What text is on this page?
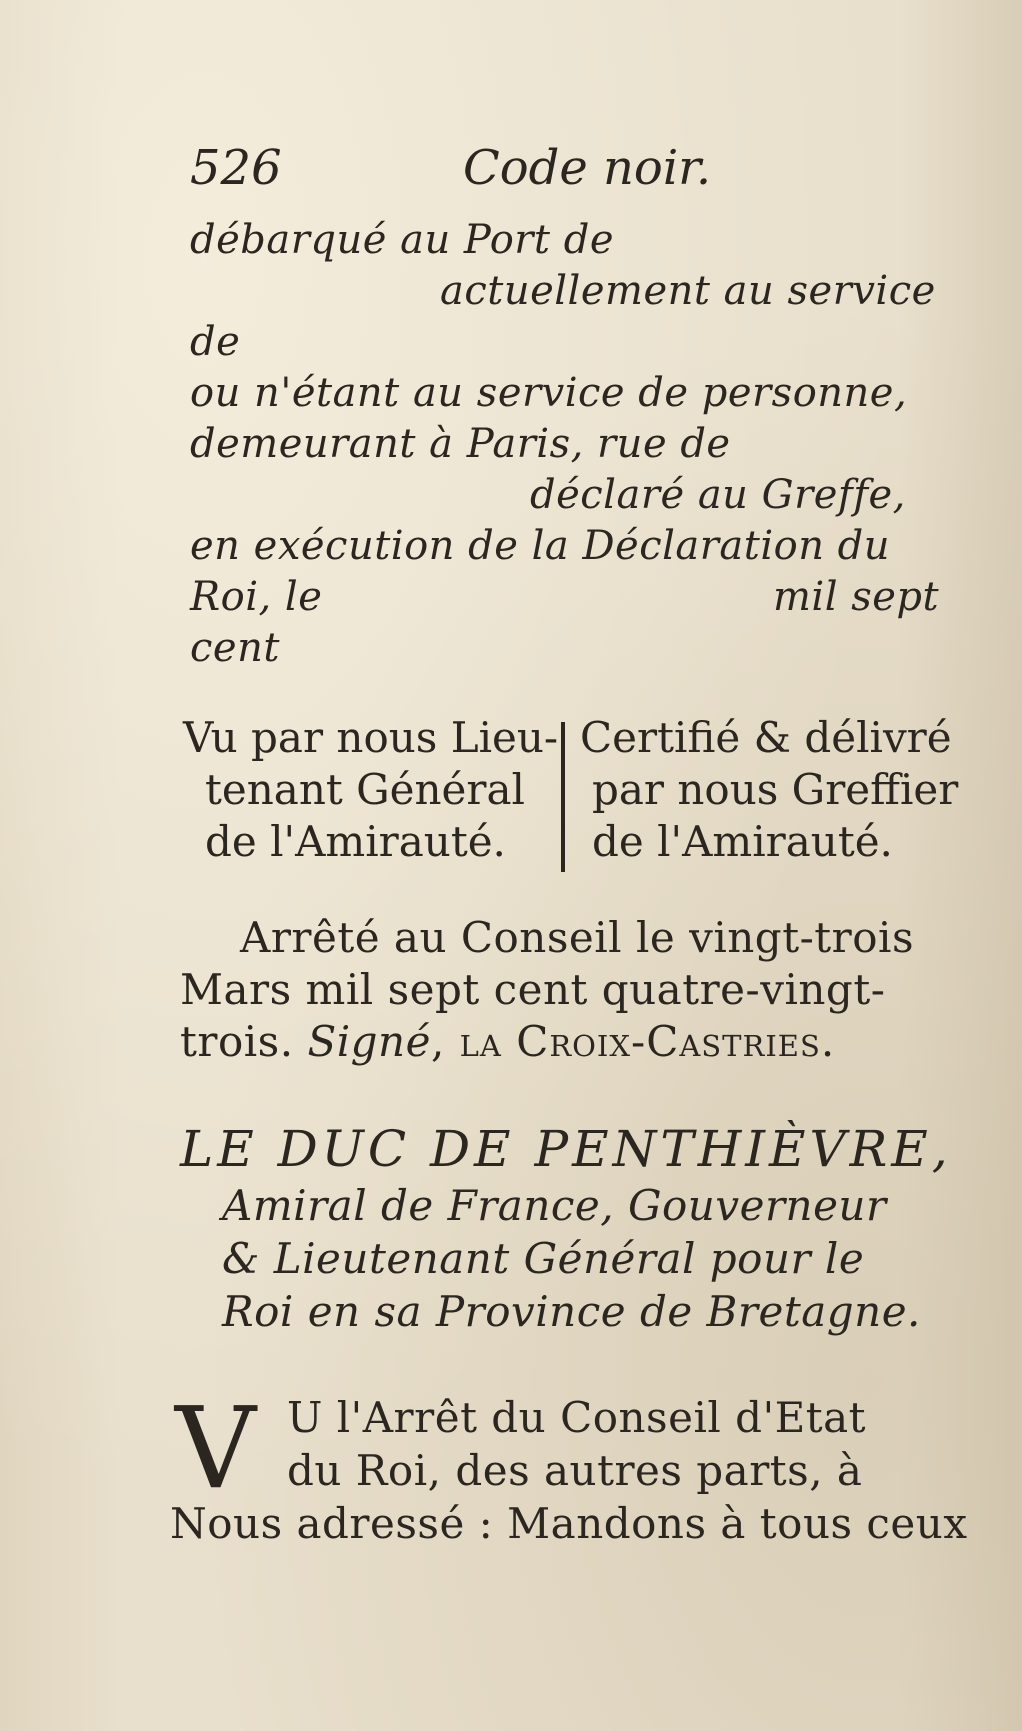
526	Code noir.
débarqué au Port de
actuellement au service
de
ou n'étant au service de personne,
demeurant à Paris, rue de
déclaré au Greffe,
en exécution de la Déclaration du
Roi, le	mil sept
cent
Vu par nous Lieu-
tenant Général
de l'Amirauté.
Certifié & délivré
par nous Greffier
de l'Amirauté.
Arrêté au Conseil le vingt-trois
Mars mil sept cent quatre-vingt-
trois. Signé, la Croix-Castries.
LE DUC DE PENTHIÈVRE,
Amiral de France, Gouverneur
& Lieutenant Général pour le
Roi en sa Province de Bretagne.
V U l'Arrêt du Conseil d'Etat
du Roi, des autres parts, à
Nous adressé : Mandons à tous ceux
